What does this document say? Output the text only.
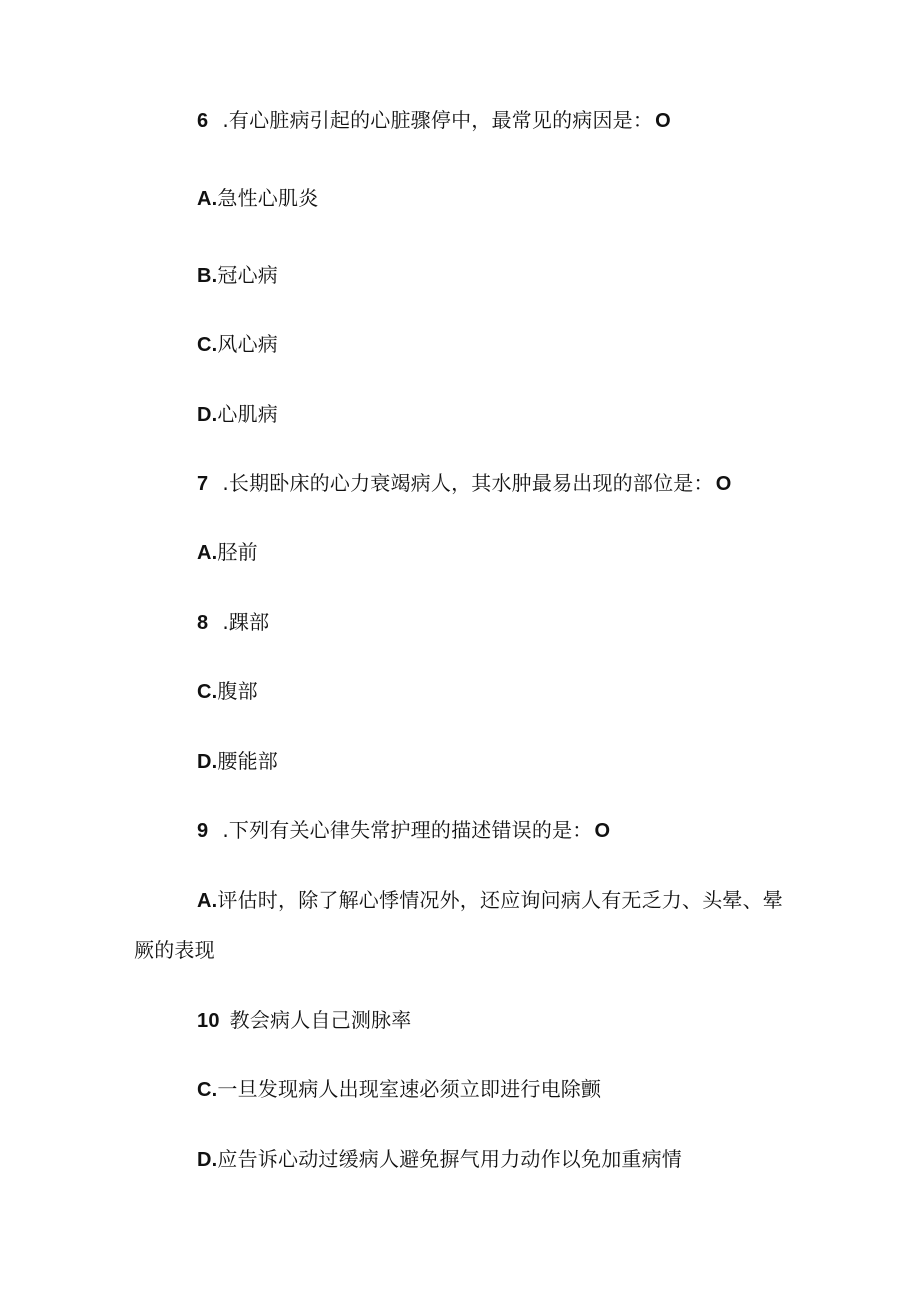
6 .有心脏病引起的心脏骤停中，最常见的病因是： O
A.急性心肌炎
B.冠心病
C.风心病
D.心肌病
7 .长期卧床的心力衰竭病人，其水肿最易出现的部位是： O
A.胫前
8 .踝部
C.腹部
D.腰能部
9 .下列有关心律失常护理的描述错误的是： O
A.评估时，除了解心悸情况外，还应询问病人有无乏力、头晕、晕
厥的表现
10 教会病人自己测脉率
C.一旦发现病人出现室速必须立即进行电除颤
D.应告诉心动过缓病人避免摒气用力动作以免加重病情
